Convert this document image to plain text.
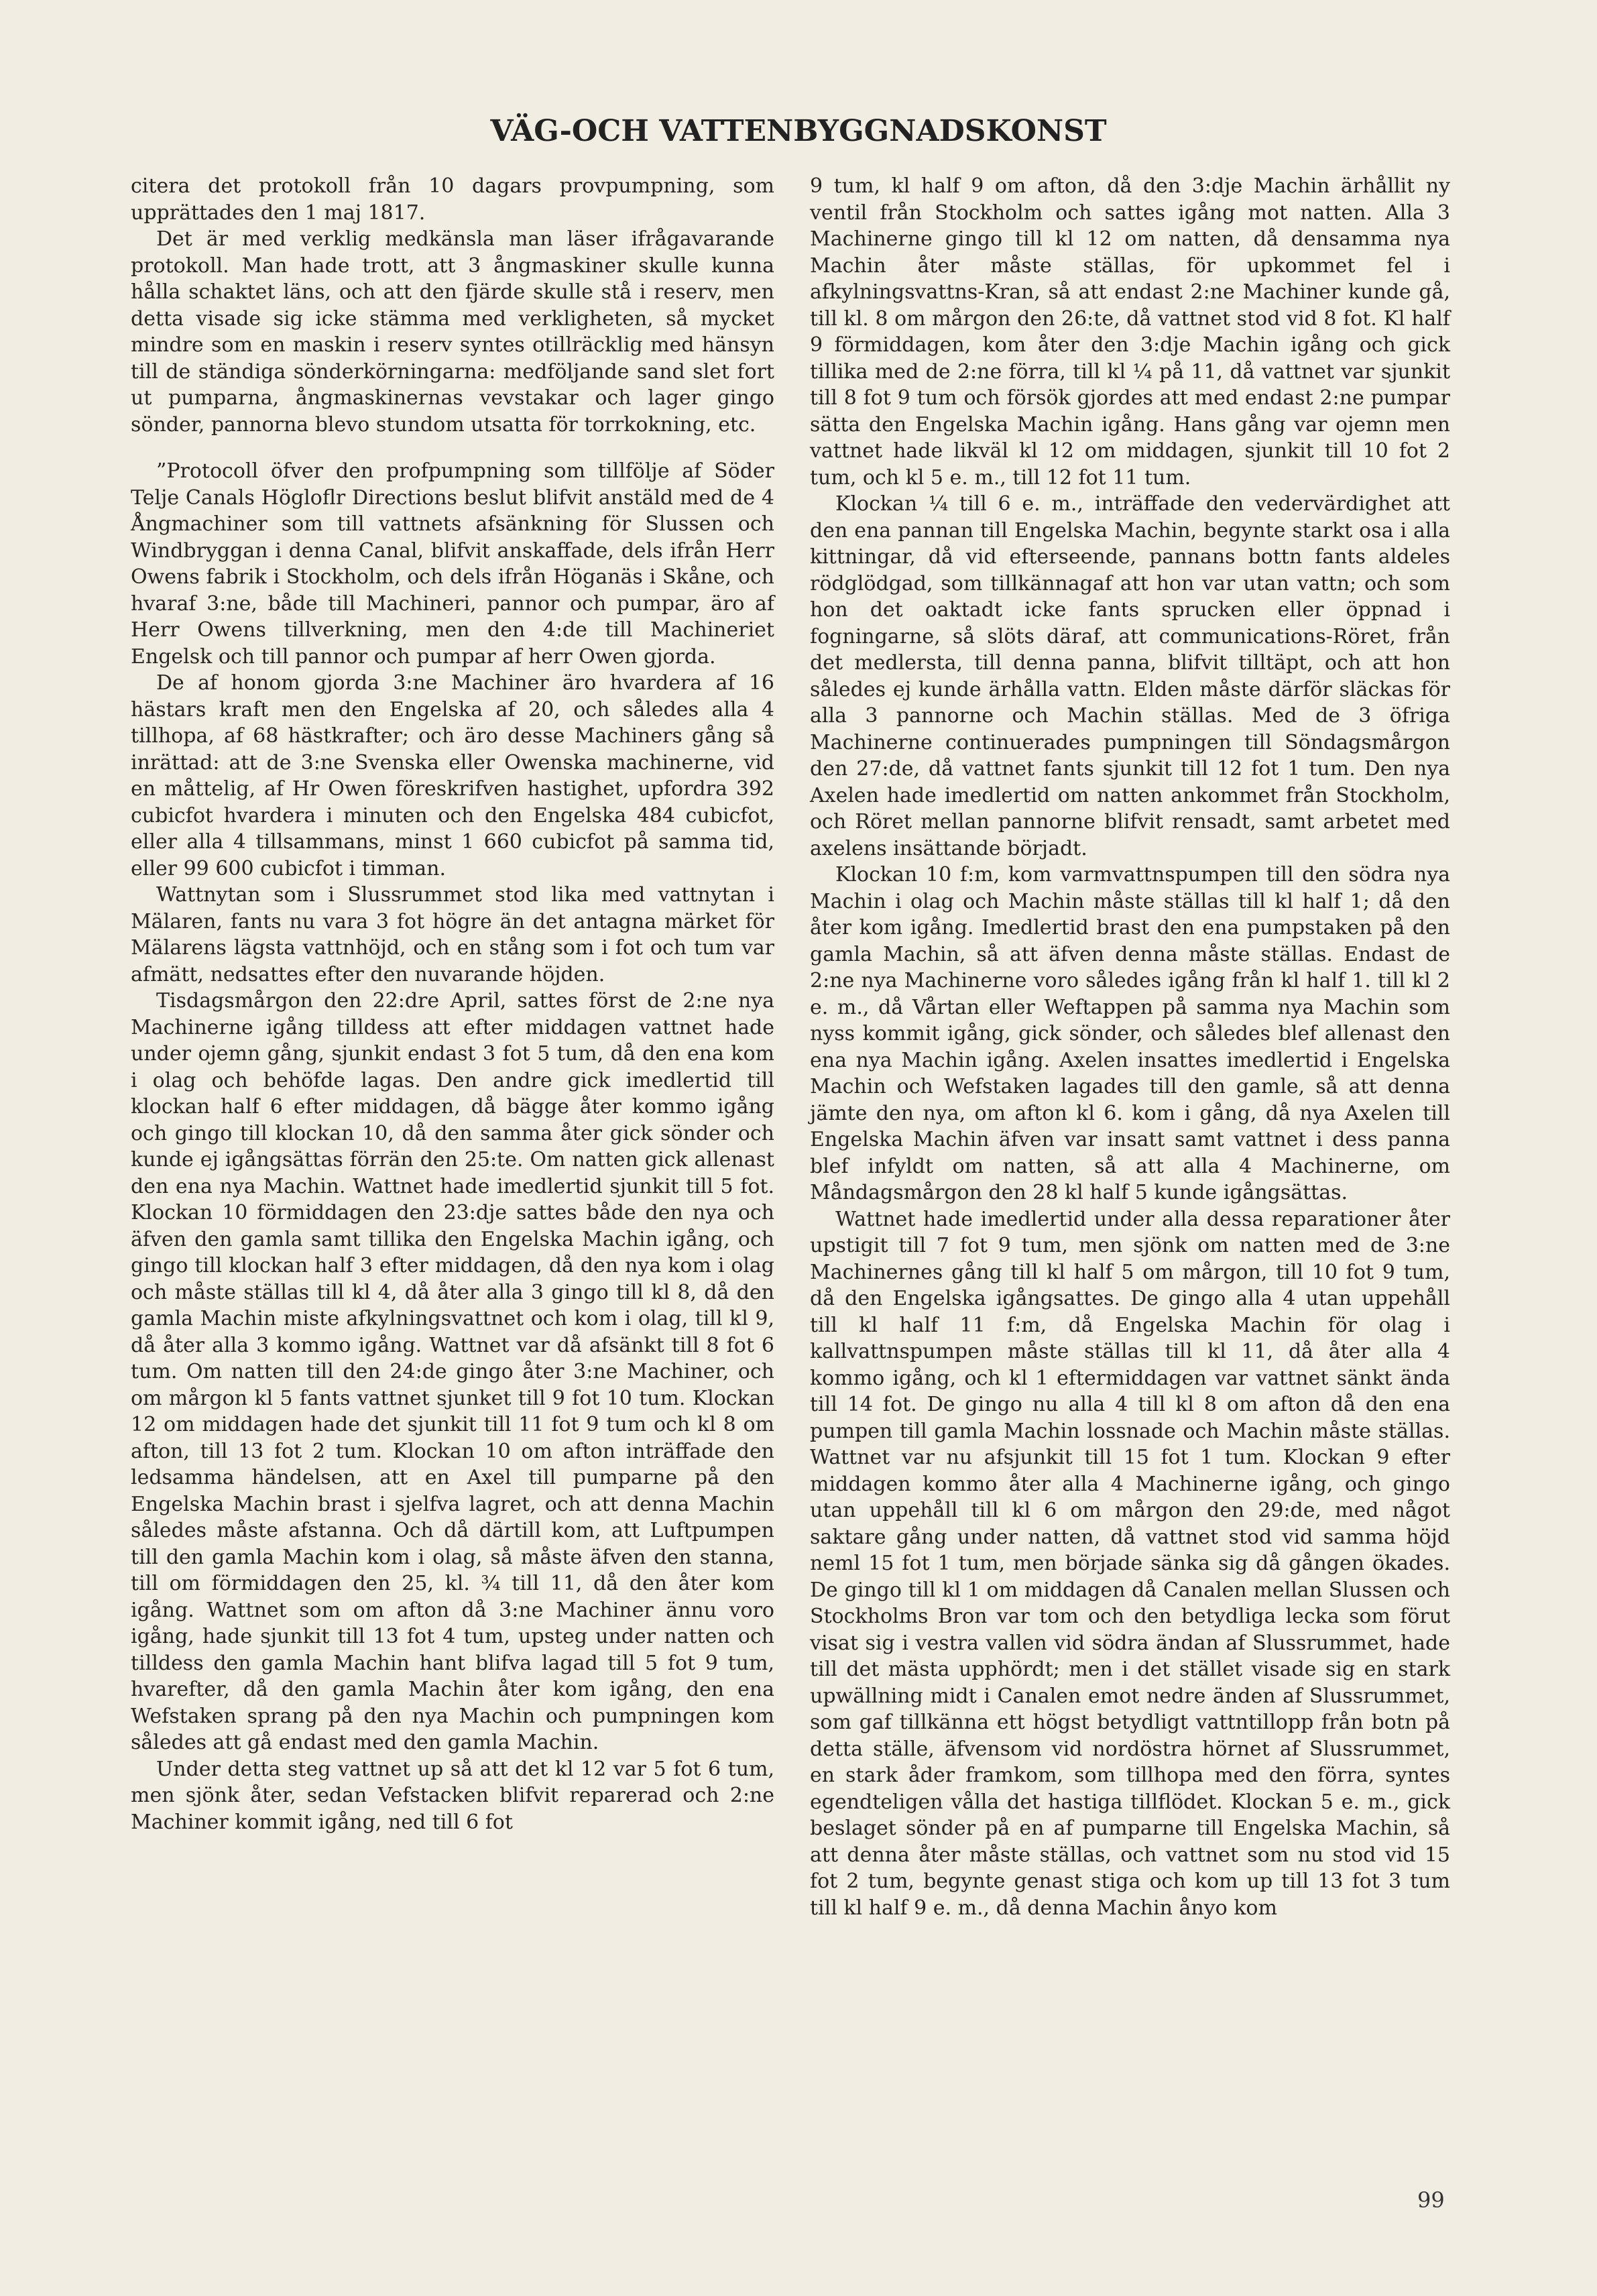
VÄG-OCH VATTENBYGGNADSKONST

citera det protokoll från 10 dagars provpumpning, som upprättades den 1 maj 1817.

Det är med verklig medkänsla man läser ifrågavarande protokoll. Man hade trott, att 3 ångmaskiner skulle kunna hålla schaktet läns, och att den fjärde skulle stå i reserv, men detta visade sig icke stämma med verkligheten, så mycket mindre som en maskin i reserv syntes otillräcklig med hänsyn till de ständiga sönderkörningarna: medföljande sand slet fort ut pumparna, ångmaskinernas vevstakar och lager gingo sönder, pannorna blevo stundom utsatta för torrkokning, etc.

”Protocoll öfver den profpumpning som tillfölje af Söder Telje Canals Högloflr Directions beslut blifvit anstäld med de 4 Ångmachiner som till vattnets afsänkning för Slussen och Windbryggan i denna Canal, blifvit anskaffade, dels ifrån Herr Owens fabrik i Stockholm, och dels ifrån Höganäs i Skåne, och hvaraf 3:ne, både till Machineri, pannor och pumpar, äro af Herr Owens tillverkning, men den 4:de till Machineriet Engelsk och till pannor och pumpar af herr Owen gjorda.

De af honom gjorda 3:ne Machiner äro hvardera af 16 hästars kraft men den Engelska af 20, och således alla 4 tillhopa, af 68 hästkrafter; och äro desse Machiners gång så inrättad: att de 3:ne Svenska eller Owenska machinerne, vid en måttelig, af Hr Owen föreskrifven hastighet, upfordra 392 cubicfot hvardera i minuten och den Engelska 484 cubicfot, eller alla 4 tillsammans, minst 1 660 cubicfot på samma tid, eller 99 600 cubicfot i timman.

Wattnytan som i Slussrummet stod lika med vattnytan i Mälaren, fants nu vara 3 fot högre än det antagna märket för Mälarens lägsta vattnhöjd, och en stång som i fot och tum var afmätt, nedsattes efter den nuvarande höjden.

Tisdagsmårgon den 22:dre April, sattes först de 2:ne nya Machinerne igång tilldess att efter middagen vattnet hade under ojemn gång, sjunkit endast 3 fot 5 tum, då den ena kom i olag och behöfde lagas. Den andre gick imedlertid till klockan half 6 efter middagen, då bägge åter kommo igång och gingo till klockan 10, då den samma åter gick sönder och kunde ej igångsättas förrän den 25:te. Om natten gick allenast den ena nya Machin. Wattnet hade imedlertid sjunkit till 5 fot. Klockan 10 förmiddagen den 23:dje sattes både den nya och äfven den gamla samt tillika den Engelska Machin igång, och gingo till klockan half 3 efter middagen, då den nya kom i olag och måste ställas till kl 4, då åter alla 3 gingo till kl 8, då den gamla Machin miste afkylningsvattnet och kom i olag, till kl 9, då åter alla 3 kommo igång. Wattnet var då afsänkt till 8 fot 6 tum. Om natten till den 24:de gingo åter 3:ne Machiner, och om mårgon kl 5 fants vattnet sjunket till 9 fot 10 tum. Klockan 12 om middagen hade det sjunkit till 11 fot 9 tum och kl 8 om afton, till 13 fot 2 tum. Klockan 10 om afton inträffade den ledsamma händelsen, att en Axel till pumparne på den Engelska Machin brast i sjelfva lagret, och att denna Machin således måste afstanna. Och då därtill kom, att Luftpumpen till den gamla Machin kom i olag, så måste äfven den stanna, till om förmiddagen den 25, kl. ¾ till 11, då den åter kom igång. Wattnet som om afton då 3:ne Machiner ännu voro igång, hade sjunkit till 13 fot 4 tum, upsteg under natten och tilldess den gamla Machin hant blifva lagad till 5 fot 9 tum, hvarefter, då den gamla Machin åter kom igång, den ena Wefstaken sprang på den nya Machin och pumpningen kom således att gå endast med den gamla Machin.

Under detta steg vattnet up så att det kl 12 var 5 fot 6 tum, men sjönk åter, sedan Vefstacken blifvit reparerad och 2:ne Machiner kommit igång, ned till 6 fot

9 tum, kl half 9 om afton, då den 3:dje Machin ärhållit ny ventil från Stockholm och sattes igång mot natten. Alla 3 Machinerne gingo till kl 12 om natten, då densamma nya Machin åter måste ställas, för upkommet fel i afkylningsvattns-Kran, så att endast 2:ne Machiner kunde gå, till kl. 8 om mårgon den 26:te, då vattnet stod vid 8 fot. Kl half 9 förmiddagen, kom åter den 3:dje Machin igång och gick tillika med de 2:ne förra, till kl ¼ på 11, då vattnet var sjunkit till 8 fot 9 tum och försök gjordes att med endast 2:ne pumpar sätta den Engelska Machin igång. Hans gång var ojemn men vattnet hade likväl kl 12 om middagen, sjunkit till 10 fot 2 tum, och kl 5 e. m., till 12 fot 11 tum.

Klockan ¼ till 6 e. m., inträffade den vedervärdighet att den ena pannan till Engelska Machin, begynte starkt osa i alla kittningar, då vid efterseende, pannans bottn fants aldeles rödglödgad, som tillkännagaf att hon var utan vattn; och som hon det oaktadt icke fants sprucken eller öppnad i fogningarne, så slöts däraf, att communications-Röret, från det medlersta, till denna panna, blifvit tilltäpt, och att hon således ej kunde ärhålla vattn. Elden måste därför släckas för alla 3 pannorne och Machin ställas. Med de 3 öfriga Machinerne continuerades pumpningen till Söndagsmårgon den 27:de, då vattnet fants sjunkit till 12 fot 1 tum. Den nya Axelen hade imedlertid om natten ankommet från Stockholm, och Röret mellan pannorne blifvit rensadt, samt arbetet med axelens insättande börjadt.

Klockan 10 f:m, kom varmvattnspumpen till den södra nya Machin i olag och Machin måste ställas till kl half 1; då den åter kom igång. Imedlertid brast den ena pumpstaken på den gamla Machin, så att äfven denna måste ställas. Endast de 2:ne nya Machinerne voro således igång från kl half 1. till kl 2 e. m., då Vårtan eller Weftappen på samma nya Machin som nyss kommit igång, gick sönder, och således blef allenast den ena nya Machin igång. Axelen insattes imedlertid i Engelska Machin och Wefstaken lagades till den gamle, så att denna jämte den nya, om afton kl 6. kom i gång, då nya Axelen till Engelska Machin äfven var insatt samt vattnet i dess panna blef infyldt om natten, så att alla 4 Machinerne, om Måndagsmårgon den 28 kl half 5 kunde igångsättas.

Wattnet hade imedlertid under alla dessa reparationer åter upstigit till 7 fot 9 tum, men sjönk om natten med de 3:ne Machinernes gång till kl half 5 om mårgon, till 10 fot 9 tum, då den Engelska igångsattes. De gingo alla 4 utan uppehåll till kl half 11 f:m, då Engelska Machin för olag i kallvattnspumpen måste ställas till kl 11, då åter alla 4 kommo igång, och kl 1 eftermiddagen var vattnet sänkt ända till 14 fot. De gingo nu alla 4 till kl 8 om afton då den ena pumpen till gamla Machin lossnade och Machin måste ställas. Wattnet var nu afsjunkit till 15 fot 1 tum. Klockan 9 efter middagen kommo åter alla 4 Machinerne igång, och gingo utan uppehåll till kl 6 om mårgon den 29:de, med något saktare gång under natten, då vattnet stod vid samma höjd neml 15 fot 1 tum, men började sänka sig då gången ökades. De gingo till kl 1 om middagen då Canalen mellan Slussen och Stockholms Bron var tom och den betydliga lecka som förut visat sig i vestra vallen vid södra ändan af Slussrummet, hade till det mästa upphördt; men i det stället visade sig en stark upwällning midt i Canalen emot nedre änden af Slussrummet, som gaf tillkänna ett högst betydligt vattntillopp från botn på detta ställe, äfvensom vid nordöstra hörnet af Slussrummet, en stark åder framkom, som tillhopa med den förra, syntes egendteligen vålla det hastiga tillflödet. Klockan 5 e. m., gick beslaget sönder på en af pumparne till Engelska Machin, så att denna åter måste ställas, och vattnet som nu stod vid 15 fot 2 tum, begynte genast stiga och kom up till 13 fot 3 tum till kl half 9 e. m., då denna Machin ånyo kom

99
